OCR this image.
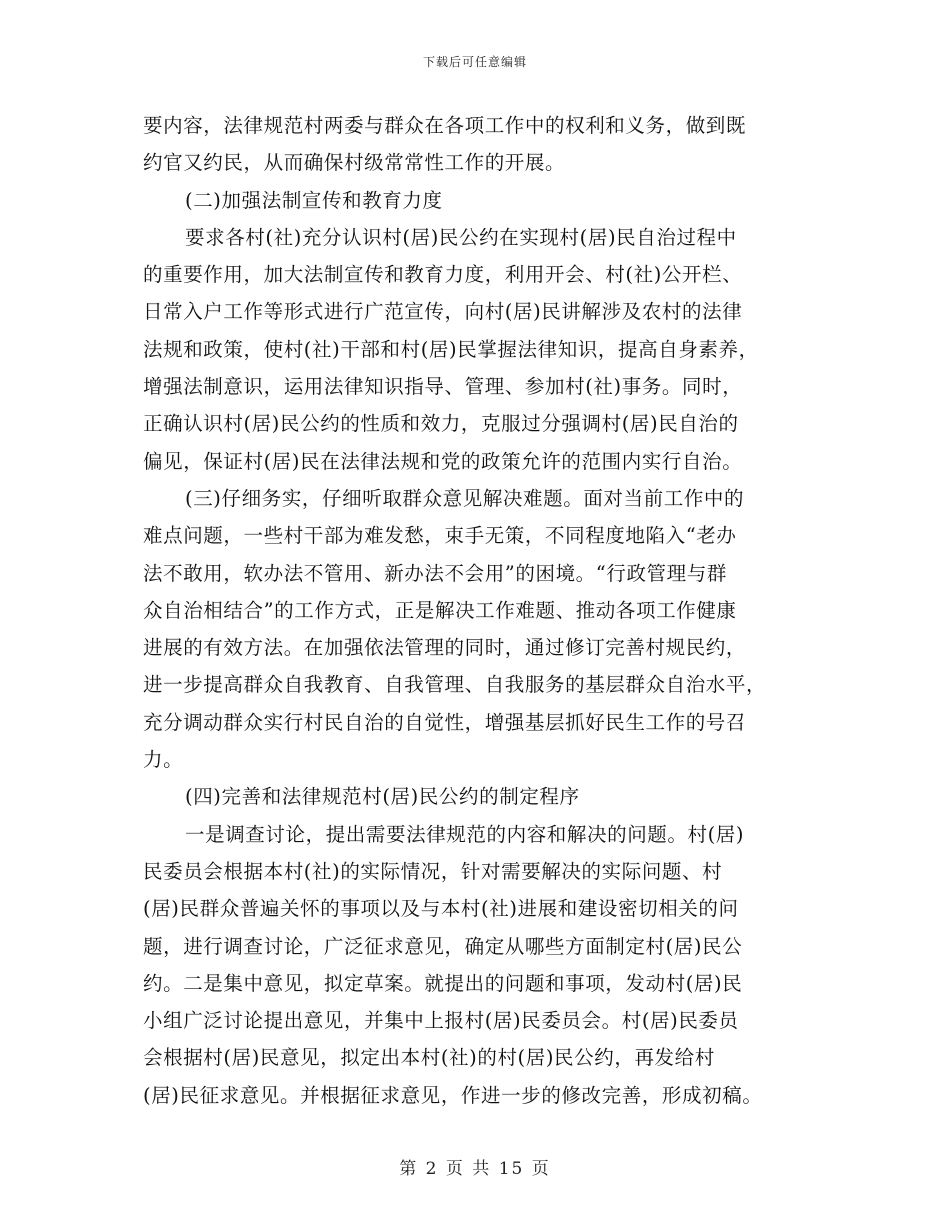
下载后可任意编辑
要内容，法律规范村两委与群众在各项工作中的权利和义务，做到既
约官又约民，从而确保村级常常性工作的开展。
(二)加强法制宣传和教育力度
要求各村(社)充分认识村(居)民公约在实现村(居)民自治过程中
的重要作用，加大法制宣传和教育力度，利用开会、村(社)公开栏、
日常入户工作等形式进行广范宣传，向村(居)民讲解涉及农村的法律
法规和政策，使村(社)干部和村(居)民掌握法律知识，提高自身素养，
增强法制意识，运用法律知识指导、管理、参加村(社)事务。同时，
正确认识村(居)民公约的性质和效力，克服过分强调村(居)民自治的
偏见，保证村(居)民在法律法规和党的政策允许的范围内实行自治。
(三)仔细务实，仔细听取群众意见解决难题。面对当前工作中的
难点问题，一些村干部为难发愁，束手无策，不同程度地陷入“老办
法不敢用，软办法不管用、新办法不会用”的困境。“行政管理与群
众自治相结合”的工作方式，正是解决工作难题、推动各项工作健康
进展的有效方法。在加强依法管理的同时，通过修订完善村规民约，
进一步提高群众自我教育、自我管理、自我服务的基层群众自治水平，
充分调动群众实行村民自治的自觉性，增强基层抓好民生工作的号召
力。
(四)完善和法律规范村(居)民公约的制定程序
一是调查讨论，提出需要法律规范的内容和解决的问题。村(居)
民委员会根据本村(社)的实际情况，针对需要解决的实际问题、村
(居)民群众普遍关怀的事项以及与本村(社)进展和建设密切相关的问
题，进行调查讨论，广泛征求意见，确定从哪些方面制定村(居)民公
约。二是集中意见，拟定草案。就提出的问题和事项，发动村(居)民
小组广泛讨论提出意见，并集中上报村(居)民委员会。村(居)民委员
会根据村(居)民意见，拟定出本村(社)的村(居)民公约，再发给村
(居)民征求意见。并根据征求意见，作进一步的修改完善，形成初稿。
第 2 页 共 15 页
